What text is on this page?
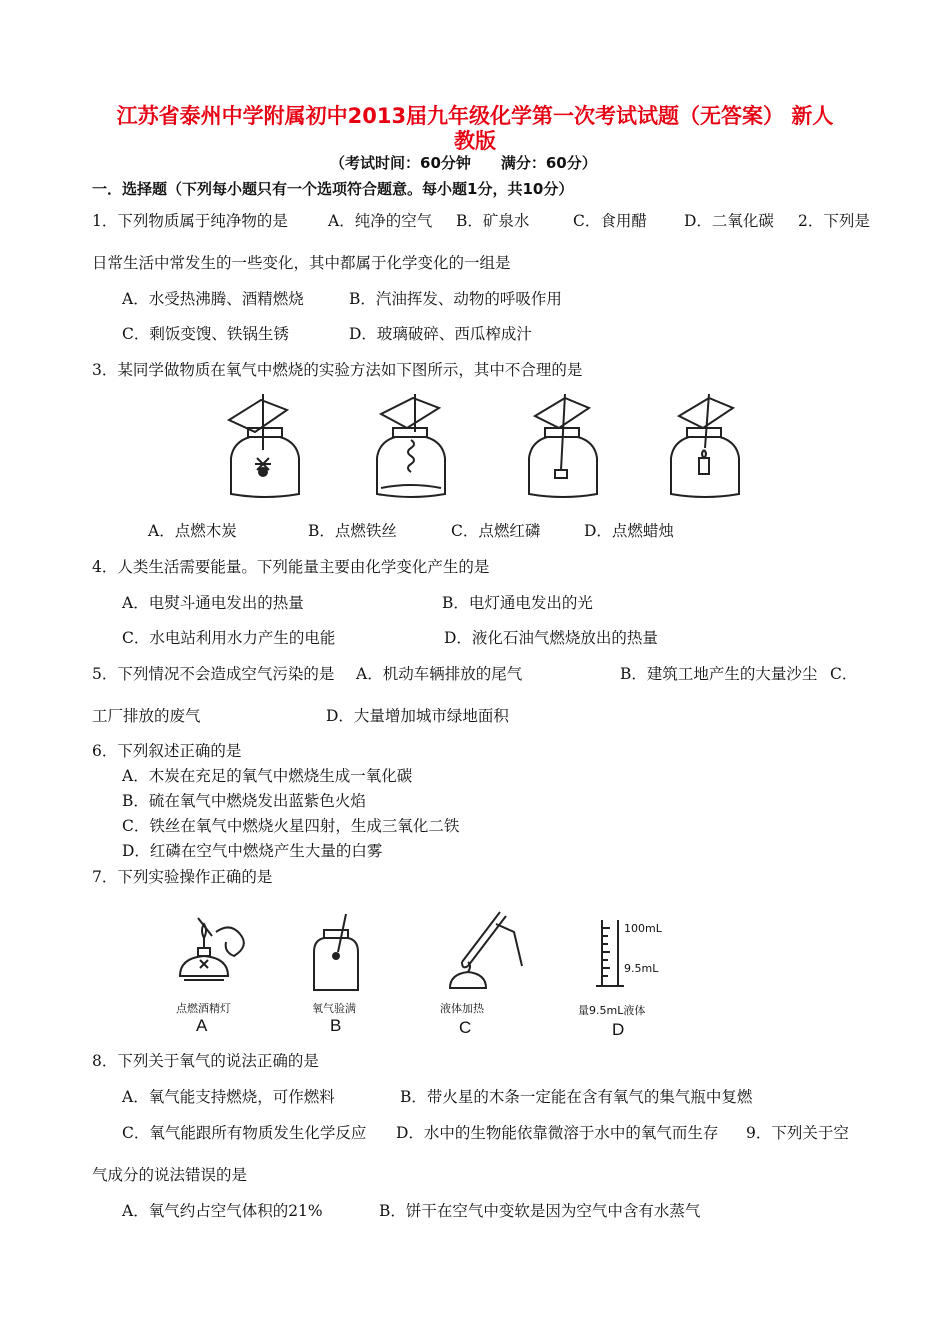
江苏省泰州中学附属初中2013届九年级化学第一次考试试题（无答案） 新人
教版
（考试时间：60分钟　　满分：60分）
一．选择题（下列每小题只有一个选项符合题意。每小题1分，共10分）
1．下列物质属于纯净物的是	A．纯净的空气 B．矿泉水	C．食用醋 D．二氧化碳 2．下列是
日常生活中常发生的一些变化，其中都属于化学变化的一组是
A．水受热沸腾、酒精燃烧	B．汽油挥发、动物的呼吸作用
C．剩饭变馊、铁锅生锈	D．玻璃破碎、西瓜榨成汁
3．某同学做物质在氧气中燃烧的实验方法如下图所示，其中不合理的是
A．点燃木炭	B．点燃铁丝	C．点燃红磷	D．点燃蜡烛
4．人类生活需要能量。下列能量主要由化学变化产生的是
A．电熨斗通电发出的热量	B．电灯通电发出的光
C．水电站利用水力产生的电能	D．液化石油气燃烧放出的热量
5．下列情况不会造成空气污染的是 A．机动车辆排放的尾气	B．建筑工地产生的大量沙尘 C．
工厂排放的废气	D．大量增加城市绿地面积
6．下列叙述正确的是
A．木炭在充足的氧气中燃烧生成一氧化碳
B．硫在氧气中燃烧发出蓝紫色火焰
C．铁丝在氧气中燃烧火星四射，生成三氧化二铁
D．红磷在空气中燃烧产生大量的白雾
7．下列实验操作正确的是
100mL
9.5mL
点燃酒精灯	氧气验满	液体加热	量9.5mL液体
A	B	C	D
8．下列关于氧气的说法正确的是
A．氧气能支持燃烧，可作燃料	B．带火星的木条一定能在含有氧气的集气瓶中复燃
C．氧气能跟所有物质发生化学反应 D．水中的生物能依靠微溶于水中的氧气而生存 9．下列关于空
气成分的说法错误的是
A．氧气约占空气体积的21%	B．饼干在空气中变软是因为空气中含有水蒸气
